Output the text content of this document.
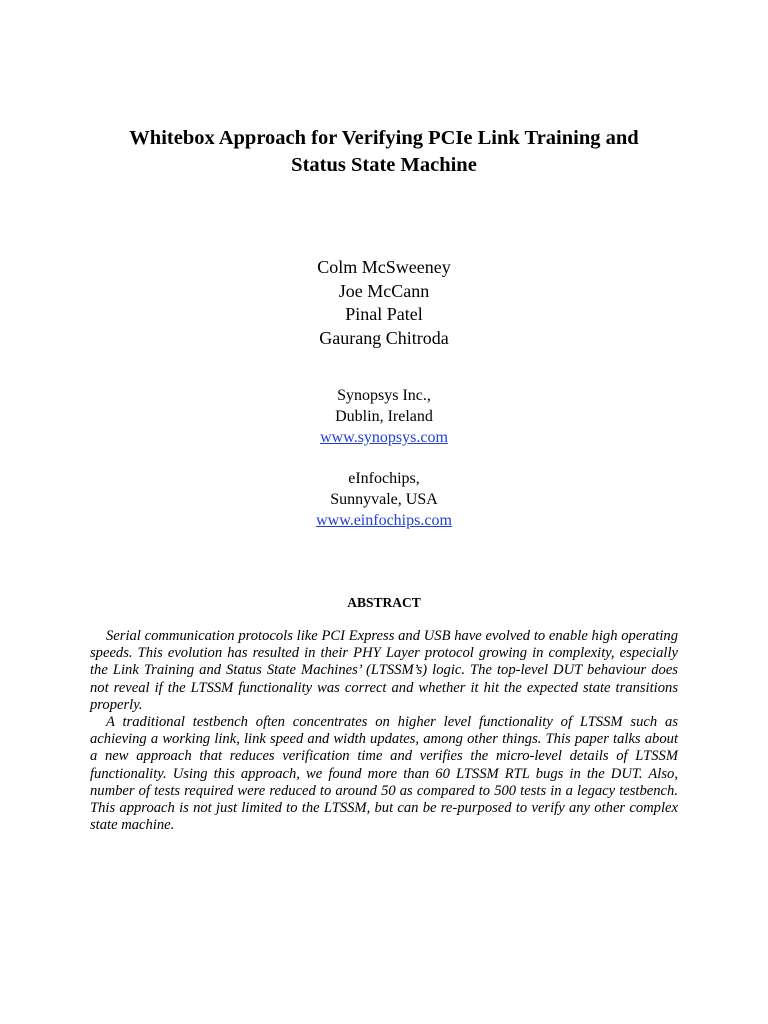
Whitebox Approach for Verifying PCIe Link Training and
Status State Machine
Colm McSweeney
Joe McCann
Pinal Patel
Gaurang Chitroda
Synopsys Inc.,
Dublin, Ireland
www.synopsys.com
eInfochips,
Sunnyvale, USA
www.einfochips.com
ABSTRACT

Serial communication protocols like PCI Express and USB have evolved to enable high operating speeds. This evolution has resulted in their PHY Layer protocol growing in complexity, especially the Link Training and Status State Machines’ (LTSSM’s) logic. The top-level DUT behaviour does not reveal if the LTSSM functionality was correct and whether it hit the expected state transitions properly.

A traditional testbench often concentrates on higher level functionality of LTSSM such as achieving a working link, link speed and width updates, among other things. This paper talks about a new approach that reduces verification time and verifies the micro-level details of LTSSM functionality. Using this approach, we found more than 60 LTSSM RTL bugs in the DUT. Also, number of tests required were reduced to around 50 as compared to 500 tests in a legacy testbench. This approach is not just limited to the LTSSM, but can be re-purposed to verify any other complex state machine.
